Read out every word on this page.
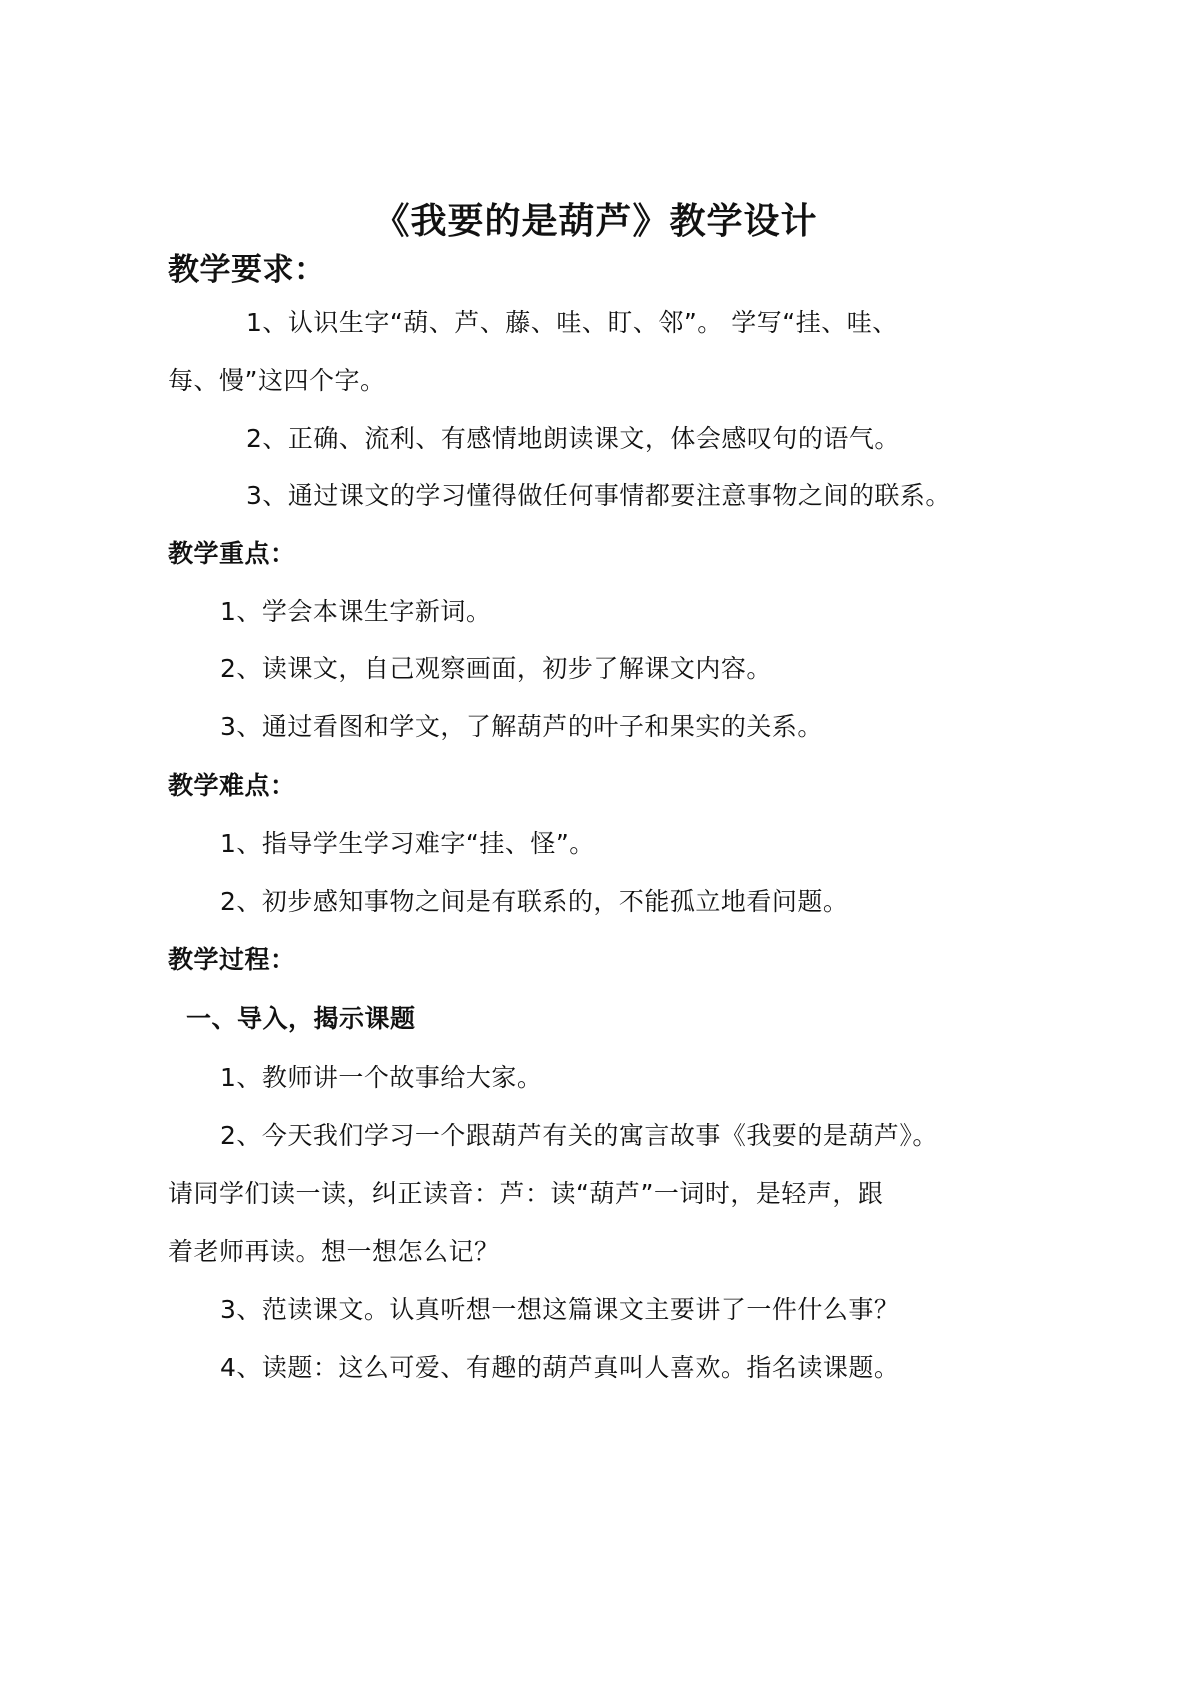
《我要的是葫芦》教学设计
教学要求：
1、认识生字“葫、芦、藤、哇、盯、邻”。 学写“挂、哇、
每、慢”这四个字。
2、正确、流利、有感情地朗读课文，体会感叹句的语气。
3、通过课文的学习懂得做任何事情都要注意事物之间的联系。
教学重点：
1、学会本课生字新词。
2、读课文，自己观察画面，初步了解课文内容。
3、通过看图和学文，了解葫芦的叶子和果实的关系。
教学难点：
1、指导学生学习难字“挂、怪”。
2、初步感知事物之间是有联系的，不能孤立地看问题。
教学过程：
一、导入，揭示课题
1、教师讲一个故事给大家。
2、今天我们学习一个跟葫芦有关的寓言故事《我要的是葫芦》。
请同学们读一读，纠正读音：芦：读“葫芦”一词时，是轻声，跟
着老师再读。想一想怎么记？
3、范读课文。认真听想一想这篇课文主要讲了一件什么事？
4、读题：这么可爱、有趣的葫芦真叫人喜欢。指名读课题。
